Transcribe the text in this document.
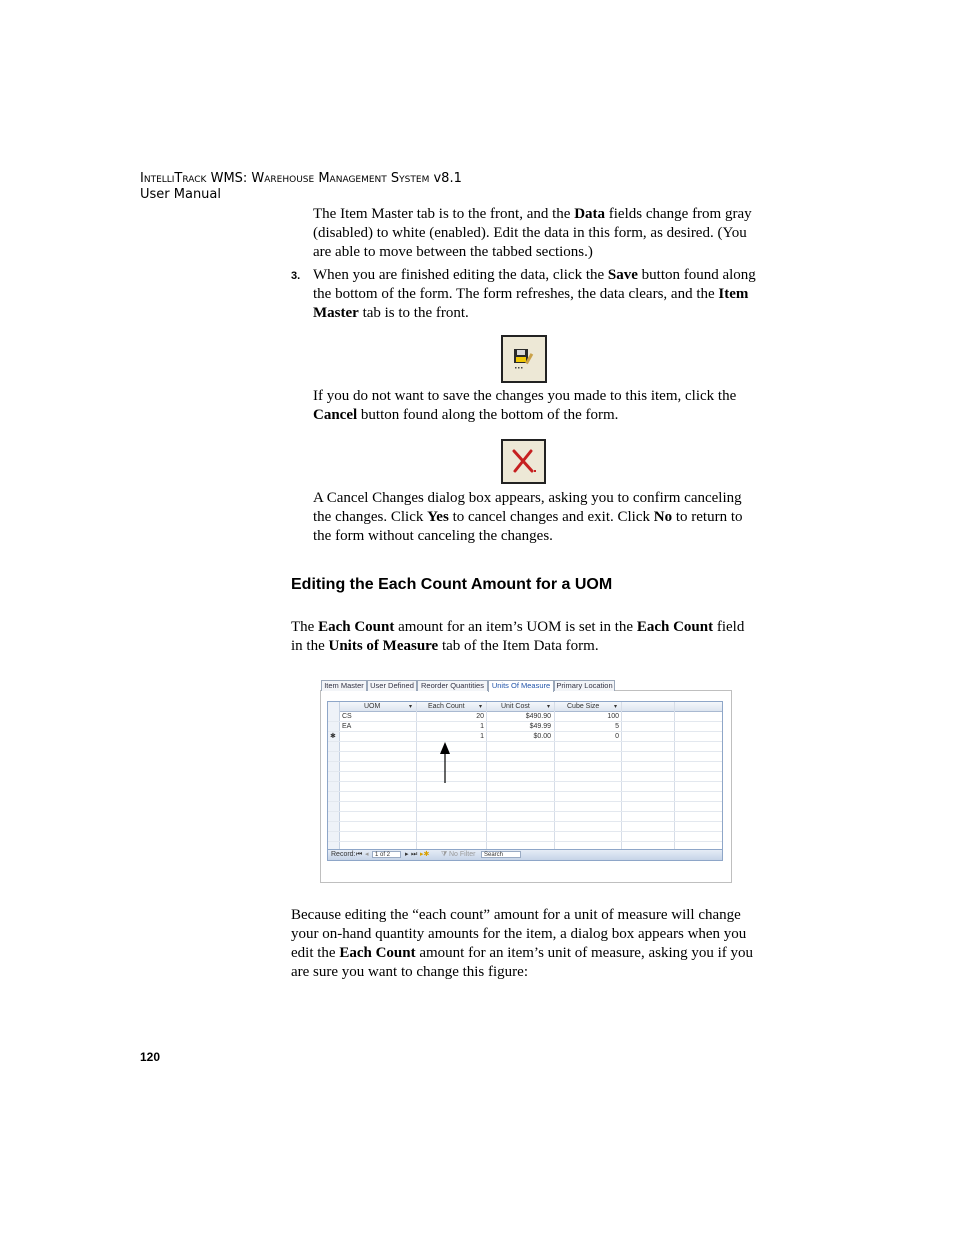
IntelliTrack WMS: Warehouse Management System v8.1
User Manual

The Item Master tab is to the front, and the Data fields change from gray (disabled) to white (enabled). Edit the data in this form, as desired. (You are able to move between the tabbed sections.)

3. When you are finished editing the data, click the Save button found along the bottom of the form. The form refreshes, the data clears, and the Item Master tab is to the front.

If you do not want to save the changes you made to this item, click the Cancel button found along the bottom of the form.

A Cancel Changes dialog box appears, asking you to confirm canceling the changes. Click Yes to cancel changes and exit. Click No to return to the form without canceling the changes.

Editing the Each Count Amount for a UOM

The Each Count amount for an item’s UOM is set in the Each Count field in the Units of Measure tab of the Item Data form.

Item Master User Defined Reorder Quantities	Units Of Measure Primary Location
UOM	▾ Each Count ▾	Unit Cost	▾ Cube Size ▾
CS	20	$490.90	100
EA	1	$49.99	5
✱	1	$0.00	0
Record: ⏮ ◂	1 of 2	▸ ⏭ ▸✱ ⧩ No Filter	Search

Because editing the “each count” amount for a unit of measure will change your on-hand quantity amounts for the item, a dialog box appears when you edit the Each Count amount for an item’s unit of measure, asking you if you are sure you want to change this figure:

120
